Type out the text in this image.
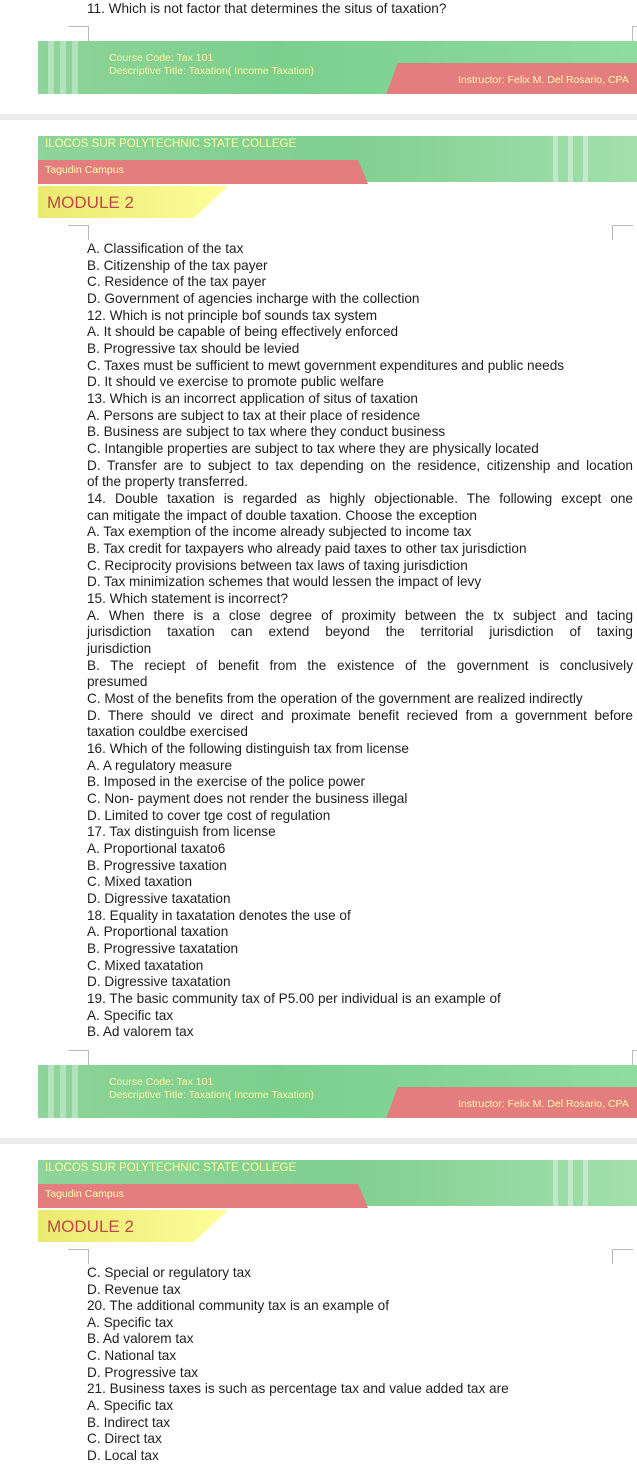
11. Which is not factor that determines the situs of taxation?
Course Code: Tax 101
Descriptive Title: Taxation( Income Taxation)
Instructor: Felix M. Del Rosario, CPA
ILOCOS SUR POLYTECHNIC STATE COLLEGE
Tagudin Campus
MODULE 2
A. Classification of the tax
B. Citizenship of the tax payer
C. Residence of the tax payer
D. Government of agencies incharge with the collection
12. Which is not principle bof sounds tax system
A. It should be capable of being effectively enforced
B. Progressive tax should be levied
C. Taxes must be sufficient to mewt government expenditures and public needs
D. It should ve exercise to promote public welfare
13. Which is an incorrect application of situs of taxation
A. Persons are subject to tax at their place of residence
B. Business are subject to tax where they conduct business
C. Intangible properties are subject to tax where they are physically located
D. Transfer are to subject to tax depending on the residence, citizenship and location
of the property transferred.
14. Double taxation is regarded as highly objectionable. The following except one
can mitigate the impact of double taxation. Choose the exception
A. Tax exemption of the income already subjected to income tax
B. Tax credit for taxpayers who already paid taxes to other tax jurisdiction
C. Reciprocity provisions between tax laws of taxing jurisdiction
D. Tax minimization schemes that would lessen the impact of levy
15. Which statement is incorrect?
A. When there is a close degree of proximity between the tx subject and tacing
jurisdiction taxation can extend beyond the territorial jurisdiction of taxing
jurisdiction
B. The reciept of benefit from the existence of the government is conclusively
presumed
C. Most of the benefits from the operation of the government are realized indirectly
D. There should ve direct and proximate benefit recieved from a government before
taxation couldbe exercised
16. Which of the following distinguish tax from license
A. A regulatory measure
B. Imposed in the exercise of the police power
C. Non- payment does not render the business illegal
D. Limited to cover tge cost of regulation
17. Tax distinguish from license
A. Proportional taxato6
B. Progressive taxation
C. Mixed taxation
D. Digressive taxatation
18. Equality in taxatation denotes the use of
A. Proportional taxation
B. Progressive taxatation
C. Mixed taxatation
D. Digressive taxatation
19. The basic community tax of P5.00 per individual is an example of
A. Specific tax
B. Ad valorem tax
Course Code: Tax 101
Descriptive Title: Taxation( Income Taxation)
Instructor: Felix M. Del Rosario, CPA
ILOCOS SUR POLYTECHNIC STATE COLLEGE
Tagudin Campus
MODULE 2
C. Special or regulatory tax
D. Revenue tax
20. The additional community tax is an example of
A. Specific tax
B. Ad valorem tax
C. National tax
D. Progressive tax
21. Business taxes is such as percentage tax and value added tax are
A. Specific tax
B. Indirect tax
C. Direct tax
D. Local tax
